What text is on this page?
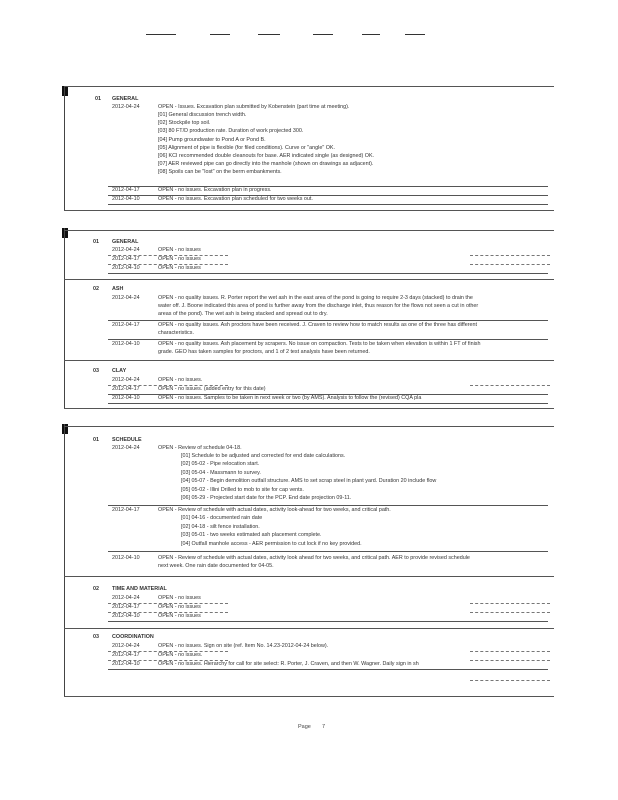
01 GENERAL
2012-04-24	OPEN - Issues. Excavation plan submitted by Kobenstein (part time at meeting).
[01] General discussion trench width.
[02] Stockpile top soil.
[03] 80 FT/D production rate. Duration of work projected 300.
[04] Pump groundwater to Pond A or Pond B.
[05] Alignment of pipe is flexible (for filed conditions). Curve or "angle" OK.
[06] KCI recommended double cleanouts for base. AER indicated single (as designed) OK.
[07] AER reviewed pipe can go directly into the manhole (shown on drawings as adjacent).
[08] Spoils can be "lost" on the berm embankments.
2012-04-17	OPEN - no issues. Excavation plan in progress.
2012-04-10	OPEN - no issues. Excavation plan scheduled for two weeks out.
01 GENERAL
2012-04-24	OPEN - no issues
2012-04-17	OPEN - no issues
2012-04-10	OPEN - no issues
02 ASH
2012-04-24	OPEN - no quality issues. R. Porter report the wet ash in the east area of the pond is going to require 2-3 days (stacked) to drain the
water off. J. Boone indicated this area of pond is further away from the discharge inlet, thus reason for the flows not seen a cut in other
areas of the pond). The wet ash is being stacked and spread out to dry.
2012-04-17	OPEN - no quality issues. Ash proctors have been received. J. Craven to review how to match results as one of the three has different
characteristics.
2012-04-10	OPEN - no quality issues. Ash placement by scrapers. No issue on compaction. Tests to be taken when elevation is within 1 FT of finish
grade. GEO has taken samples for proctors, and 1 of 2 test analysis have been returned.
03 CLAY
2012-04-24	OPEN - no issues.
2012-04-17	OPEN - no issues. (added entry for this date)
2012-04-10	OPEN - no issues. Samples to be taken in next week or two (by AMS). Analysis to follow the (revised) CQA pla
01 SCHEDULE
2012-04-24	OPEN - Review of schedule 04-18.
[01] Schedule to be adjusted and corrected for end date calculations.
[02] 05-02 - Pipe relocation start.
[03] 05-04 - Massmann to survey.
[04] 05-07 - Begin demolition outfall structure. AMS to set scrap steel in plant yard. Duration 20 include flow
[05] 05-02 - Illini Drilled to mob to site for cap vents.
[06] 05-29 - Projected start date for the PCP. End date projection 09-11.
2012-04-17	OPEN - Review of schedule with actual dates, activity look-ahead for two weeks, and critical path.
[01] 04-16 - documented rain date
[02] 04-18 - silt fence installation.
[03] 05-01 - two weeks estimated ash placement complete.
[04] Outfall manhole access - AER permission to cut lock if no key provided.
2012-04-10	OPEN - Review of schedule with actual dates, activity look ahead for two weeks, and critical path. AER to provide revised schedule
next week. One rain date documented for 04-05.
02 TIME AND MATERIAL
2012-04-24	OPEN - no issues
2012-04-17	OPEN - no issues
2012-04-10	OPEN - no issues
03 COORDINATION
2012-04-24	OPEN - no issues. Sign on site (ref. Item No. 14.23-2012-04-24 below).
2012-04-17	OPEN - no issues.
2012-04-10	OPEN - no issues. Hierarchy for call for site select: R. Porter, J. Craven, and then W. Wagner. Daily sign in sh
Page 7
